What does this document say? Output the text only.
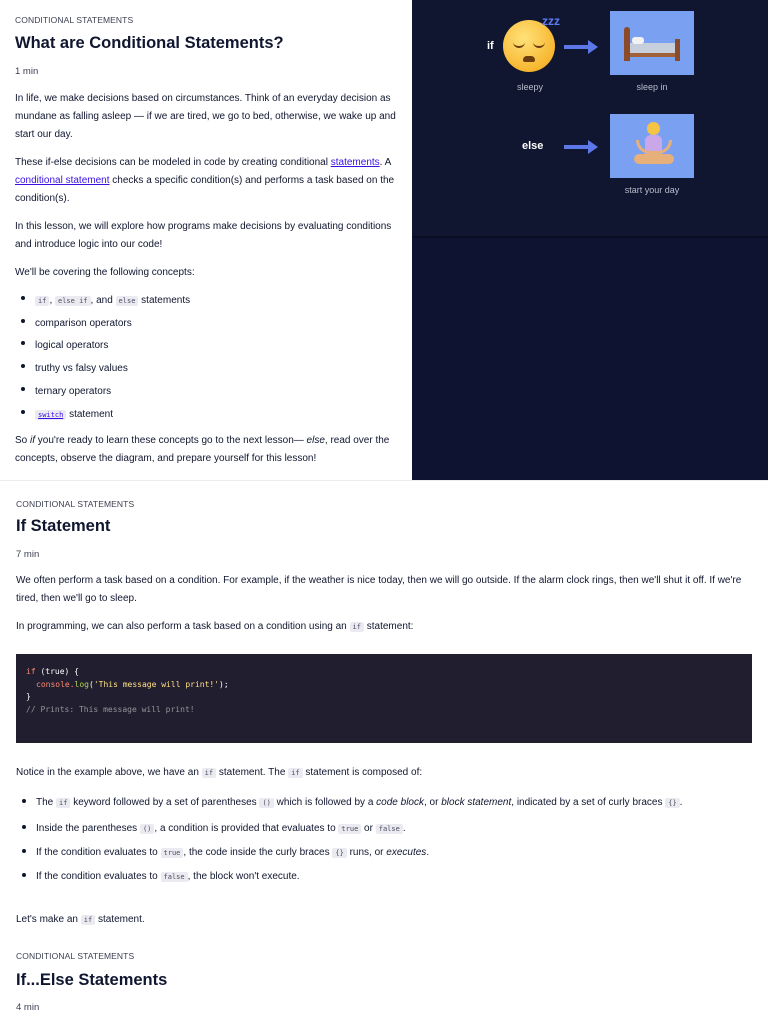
CONDITIONAL STATEMENTS
What are Conditional Statements?
1 min

In life, we make decisions based on circumstances. Think of an everyday decision as mundane as falling asleep — if we are tired, we go to bed, otherwise, we wake up and start our day.

These if-else decisions can be modeled in code by creating conditional statements. A conditional statement checks a specific condition(s) and performs a task based on the condition(s).

In this lesson, we will explore how programs make decisions by evaluating conditions and introduce logic into our code!

We'll be covering the following concepts:

if , else if , and else statements
comparison operators
logical operators
truthy vs falsy values
ternary operators
switch statement

So if you're ready to learn these concepts go to the next lesson— else, read over the concepts, observe the diagram, and prepare yourself for this lesson!

if
zzz
sleepy	sleep in
else
start your day
CONDITIONAL STATEMENTS
If Statement
7 min

We often perform a task based on a condition. For example, if the weather is nice today, then we will go outside. If the alarm clock rings, then we'll shut it off. If we're tired, then we'll go to sleep.

In programming, we can also perform a task based on a condition using an if statement:

if (true) {
console.log('This message will print!');
}
// Prints: This message will print!

Notice in the example above, we have an if statement. The if statement is composed of:

The if keyword followed by a set of parentheses () which is followed by a code block, or block statement, indicated by a set of curly braces {} .
Inside the parentheses () , a condition is provided that evaluates to true or false .
If the condition evaluates to true , the code inside the curly braces {} runs, or executes.
If the condition evaluates to false , the block won't execute.

Let's make an if statement.

CONDITIONAL STATEMENTS
If...Else Statements
4 min
